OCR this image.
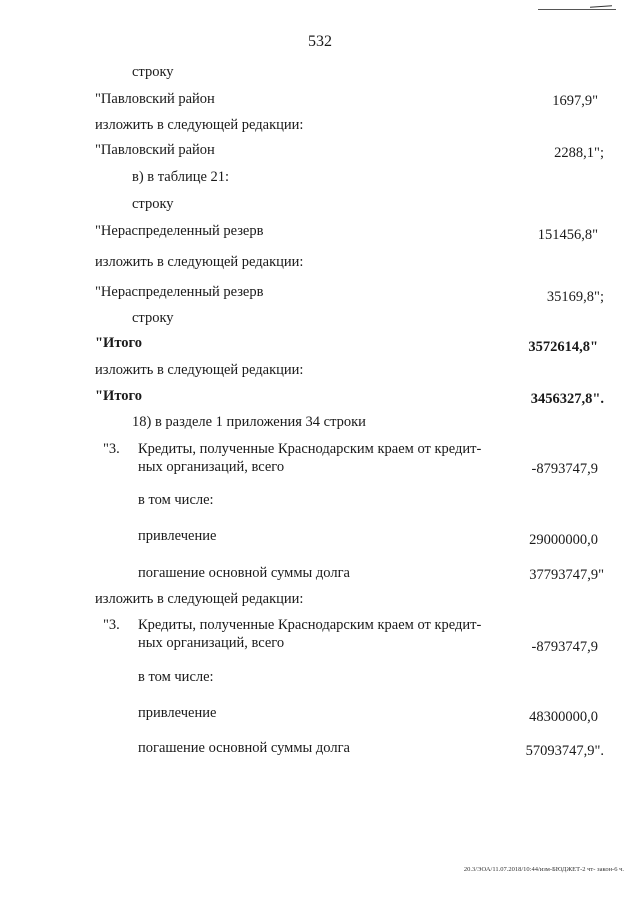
532
строку
"Павловский район	1697,9"
изложить в следующей редакции:
"Павловский район	2288,1";
в) в таблице 21:
строку
"Нераспределенный резерв	151456,8"
изложить в следующей редакции:
"Нераспределенный резерв	35169,8";
строку
"Итого	3572614,8"
изложить в следующей редакции:
"Итого	3456327,8".
18) в разделе 1 приложения 34 строки
"3. Кредиты, полученные Краснодарским краем от кредит-
ных организаций, всего	-8793747,9
в том числе:
привлечение	29000000,0
погашение основной суммы долга	37793747,9"
изложить в следующей редакции:
"3. Кредиты, полученные Краснодарским краем от кредит-
ных организаций, всего	-8793747,9
в том числе:
привлечение	48300000,0
погашение основной суммы долга	57093747,9".
20.3/ЭОА/11.07.2018/10:44/изм-БЮДЖЕТ-2 чт- закон-6 ч.
